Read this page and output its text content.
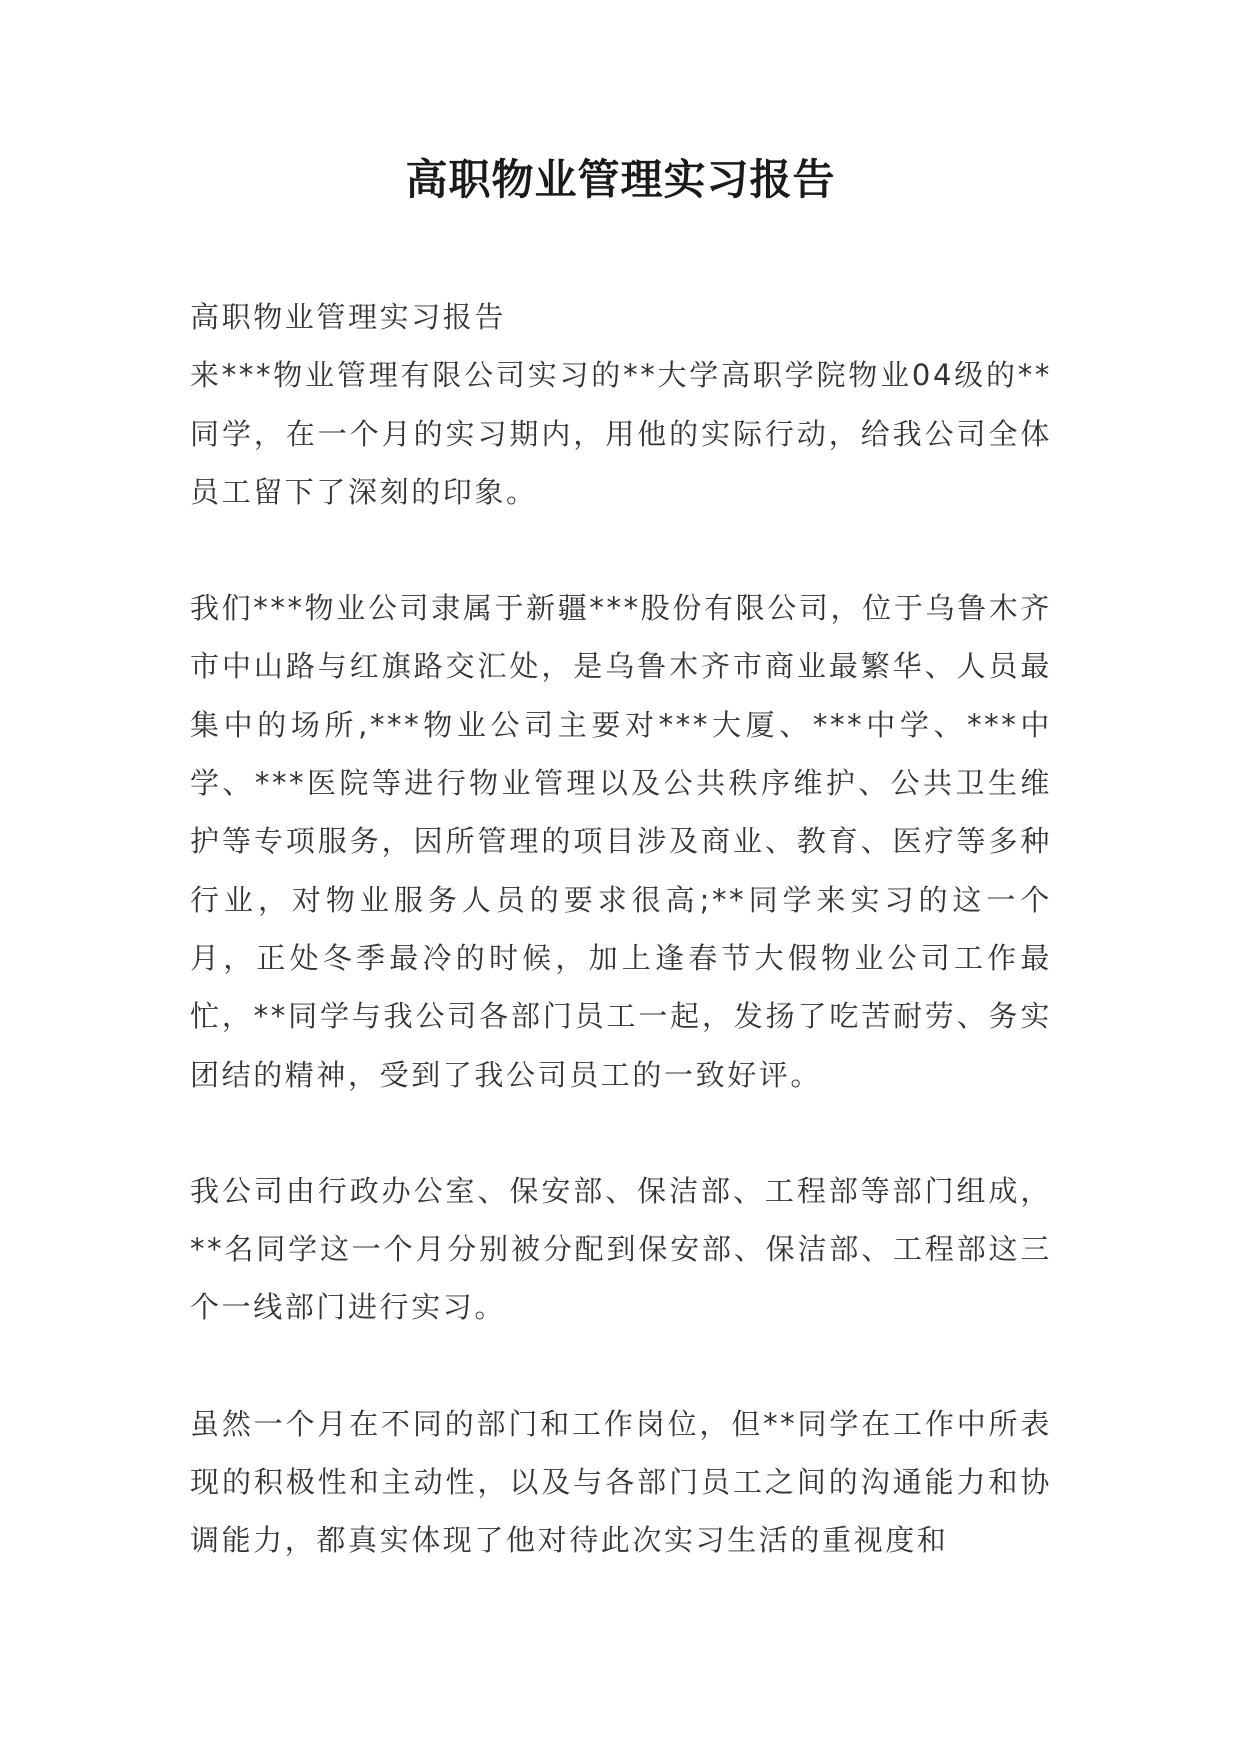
高职物业管理实习报告

高职物业管理实习报告

来***物业管理有限公司实习的**大学高职学院物业04级的**同学，在一个月的实习期内，用他的实际行动，给我公司全体员工留下了深刻的印象。

我们***物业公司隶属于新疆***股份有限公司，位于乌鲁木齐市中山路与红旗路交汇处，是乌鲁木齐市商业最繁华、人员最集中的场所,***物业公司主要对***大厦、***中学、***中学、***医院等进行物业管理以及公共秩序维护、公共卫生维护等专项服务，因所管理的项目涉及商业、教育、医疗等多种行业，对物业服务人员的要求很高;**同学来实习的这一个月，正处冬季最冷的时候，加上逢春节大假物业公司工作最忙，**同学与我公司各部门员工一起，发扬了吃苦耐劳、务实团结的精神，受到了我公司员工的一致好评。

我公司由行政办公室、保安部、保洁部、工程部等部门组成，**名同学这一个月分别被分配到保安部、保洁部、工程部这三个一线部门进行实习。

虽然一个月在不同的部门和工作岗位，但**同学在工作中所表现的积极性和主动性，以及与各部门员工之间的沟通能力和协调能力，都真实体现了他对待此次实习生活的重视度和
